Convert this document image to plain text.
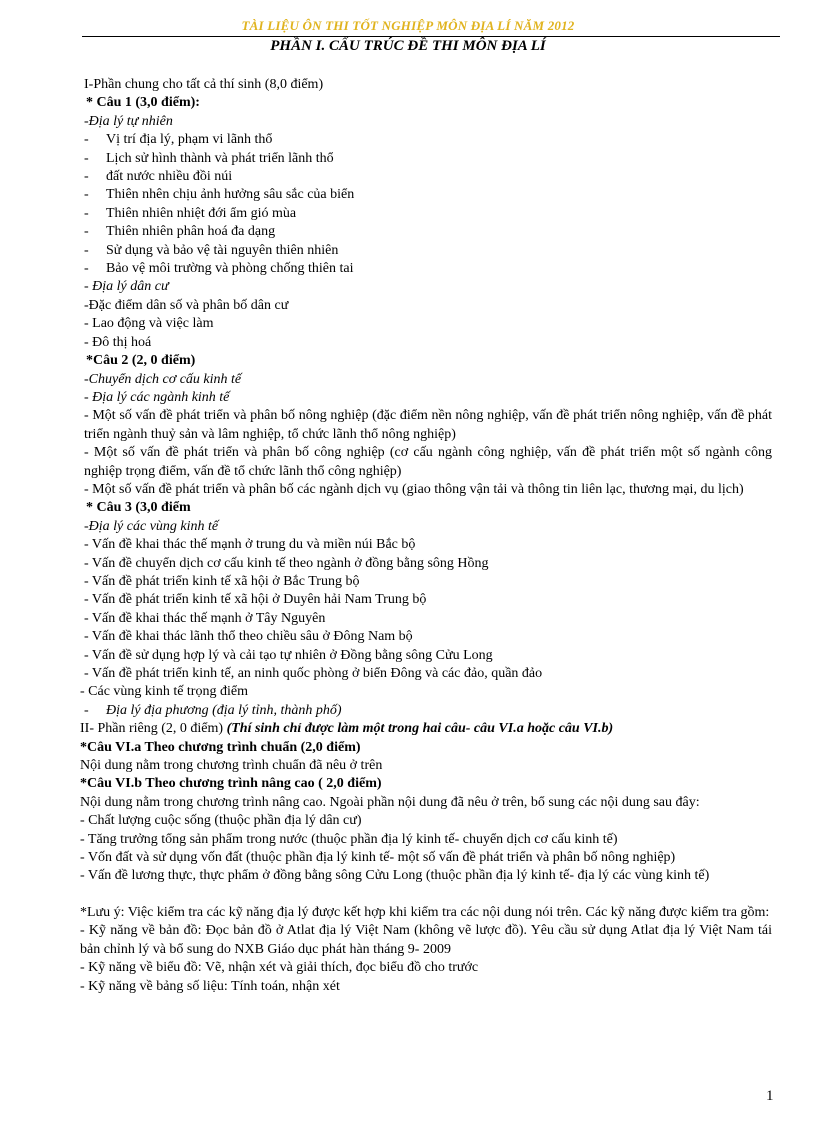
TÀI LIỆU ÔN THI TỐT NGHIỆP MÔN ĐỊA LÍ NĂM 2012
PHẦN I. CẤU TRÚC ĐỀ THI MÔN ĐỊA LÍ
I-Phần chung cho tất cả thí sinh (8,0 điểm)
* Câu 1 (3,0 điểm):
-Địa lý tự nhiên
- Vị trí địa lý, phạm vi lãnh thổ
- Lịch sử hình thành và phát triển lãnh thổ
- đất nước nhiều đồi núi
- Thiên nhên chịu ảnh hưởng sâu sắc của biển
- Thiên nhiên nhiệt đới ẩm gió mùa
- Thiên nhiên phân hoá đa dạng
- Sử dụng và bảo vệ tài nguyên thiên nhiên
- Bảo vệ môi trường và phòng chống thiên tai
- Địa lý dân cư
-Đặc điểm dân số và phân bố dân cư
- Lao động và việc làm
- Đô thị hoá
*Câu 2 (2, 0 điểm)
-Chuyển dịch cơ cấu kinh tế
- Địa lý các ngành kinh tế
- Một số vấn đề phát triển và phân bố nông nghiệp (đặc điểm nền nông nghiệp, vấn đề phát triển nông nghiệp, vấn đề phát triển ngành thuỷ sản và lâm nghiệp, tổ chức lãnh thổ nông nghiệp)
- Một số vấn đề phát triển và phân bố công nghiệp (cơ cấu ngành công nghiệp, vấn đề phát triển một số ngành công nghiệp trọng điểm, vấn đề tổ chức lãnh thổ công nghiệp)
- Một số vấn đề phát triển và phân bố các ngành dịch vụ (giao thông vận tải và thông tin liên lạc, thương mại, du lịch)
* Câu 3 (3,0 điểm
-Địa lý các vùng kinh tế
- Vấn đề khai thác thế mạnh ở trung du và miền núi Bắc bộ
- Vấn đề chuyển dịch cơ cấu kinh tế theo ngành ở đồng bằng sông Hồng
- Vấn đề phát triển kinh tế xã hội ở Bắc Trung bộ
- Vấn đề phát triển kinh tế xã hội ở Duyên hải Nam Trung bộ
- Vấn đề khai thác thế mạnh ở Tây Nguyên
- Vấn đề khai thác lãnh thổ theo chiều sâu ở Đông Nam bộ
- Vấn đề sử dụng hợp lý và cải tạo tự nhiên ở Đồng bằng sông Cửu Long
- Vấn đề phát triển kinh tế, an ninh quốc phòng ở biển Đông và các đảo, quần đảo
- Các vùng kinh tế trọng điểm
- Địa lý địa phương (địa lý tỉnh, thành phố)
II- Phần riêng (2, 0 điểm) (Thí sinh chỉ được làm một trong hai câu- câu VI.a hoặc câu VI.b)
*Câu VI.a Theo chương trình chuẩn (2,0 điểm)
Nội dung nằm trong chương trình chuẩn đã nêu ở trên
*Câu VI.b Theo chương trình nâng cao ( 2,0 điểm)
Nội dung nằm trong chương trình nâng cao. Ngoài phần nội dung đã nêu ở trên, bổ sung các nội dung sau đây:
- Chất lượng cuộc sống (thuộc phần địa lý dân cư)
- Tăng trưởng tổng sản phẩm trong nước (thuộc phần địa lý kinh tế- chuyển dịch cơ cấu kinh tế)
- Vốn đất và sử dụng vốn đất (thuộc phần địa lý kinh tế- một số vấn đề phát triển và phân bố nông nghiệp)
- Vấn đề lương thực, thực phẩm ở đồng bằng sông Cửu Long (thuộc phần địa lý kinh tế- địa lý các vùng kinh tế)
*Lưu ý: Việc kiểm tra các kỹ năng địa lý được kết hợp khi kiểm tra các nội dung nói trên. Các kỹ năng được kiểm tra gồm:
- Kỹ năng về bản đồ: Đọc bản đồ ở Atlat địa lý Việt Nam (không vẽ lược đồ). Yêu cầu sử dụng Atlat địa lý Việt Nam tái bản chỉnh lý và bổ sung do NXB Giáo dục phát hàn tháng 9- 2009
- Kỹ năng về biểu đồ: Vẽ, nhận xét và giải thích, đọc biểu đồ cho trước
- Kỹ năng về bảng số liệu: Tính toán, nhận xét
1
